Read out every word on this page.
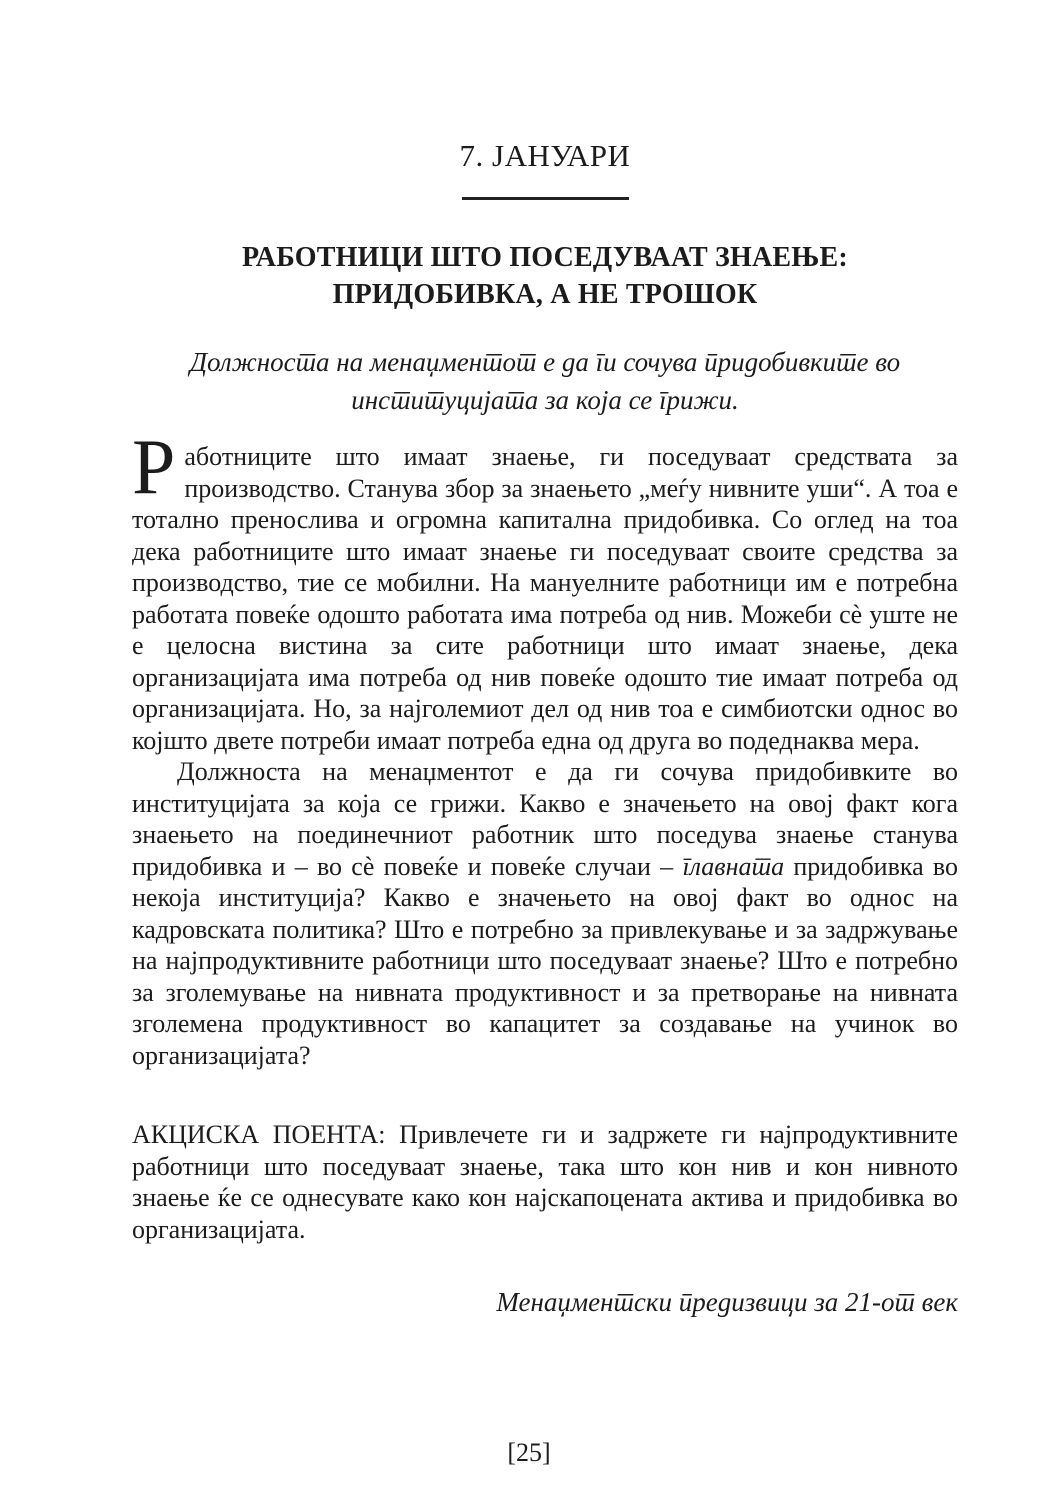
7. ЈАНУАРИ
РАБОТНИЦИ ШТО ПОСЕДУВААТ ЗНАЕЊЕ:
ПРИДОБИВКА, А НЕ ТРОШОК

Должноста на менаџментот е да ги сочува придобивките во институцијата за која се грижи.

Работниците што имаат знаење, ги поседуваат средствата за производство. Станува збор за знаењето „меѓу нивните уши“. А тоа е тотално пренослива и огромна капитална придобивка. Со оглед на тоа дека работниците што имаат знаење ги поседуваат своите средства за производство, тие се мобилни. На мануелните работници им е потребна работата повеќе одошто работата има потреба од нив. Можеби сѐ уште не е целосна вистина за сите работници што имаат знаење, дека организацијата има потреба од нив повеќе одошто тие имаат потреба од организацијата. Но, за најголемиот дел од нив тоа е симбиотски однос во којшто двете потреби имаат потреба една од друга во подеднаква мера.

Должноста на менаџментот е да ги сочува придобивките во институцијата за која се грижи. Какво е значењето на овој факт кога знаењето на поединечниот работник што поседува знаење станува придобивка и – во сѐ повеќе и повеќе случаи – главната придобивка во некоја институција? Какво е значењето на овој факт во однос на кадровската политика? Што е потребно за привлекување и за задржување на најпродуктивните работници што поседуваат знаење? Што е потребно за зголемување на нивната продуктивност и за претворање на нивната зголемена продуктивност во капацитет за создавање на учинок во организацијата?

АКЦИСКА ПОЕНТА: Привлечете ги и задржете ги најпродуктивните работници што поседуваат знаење, така што кон нив и кон нивното знаење ќе се однесувате како кон најскапоцената актива и придобивка во организацијата.

Менаџментски предизвици за 21-от век

[25]
